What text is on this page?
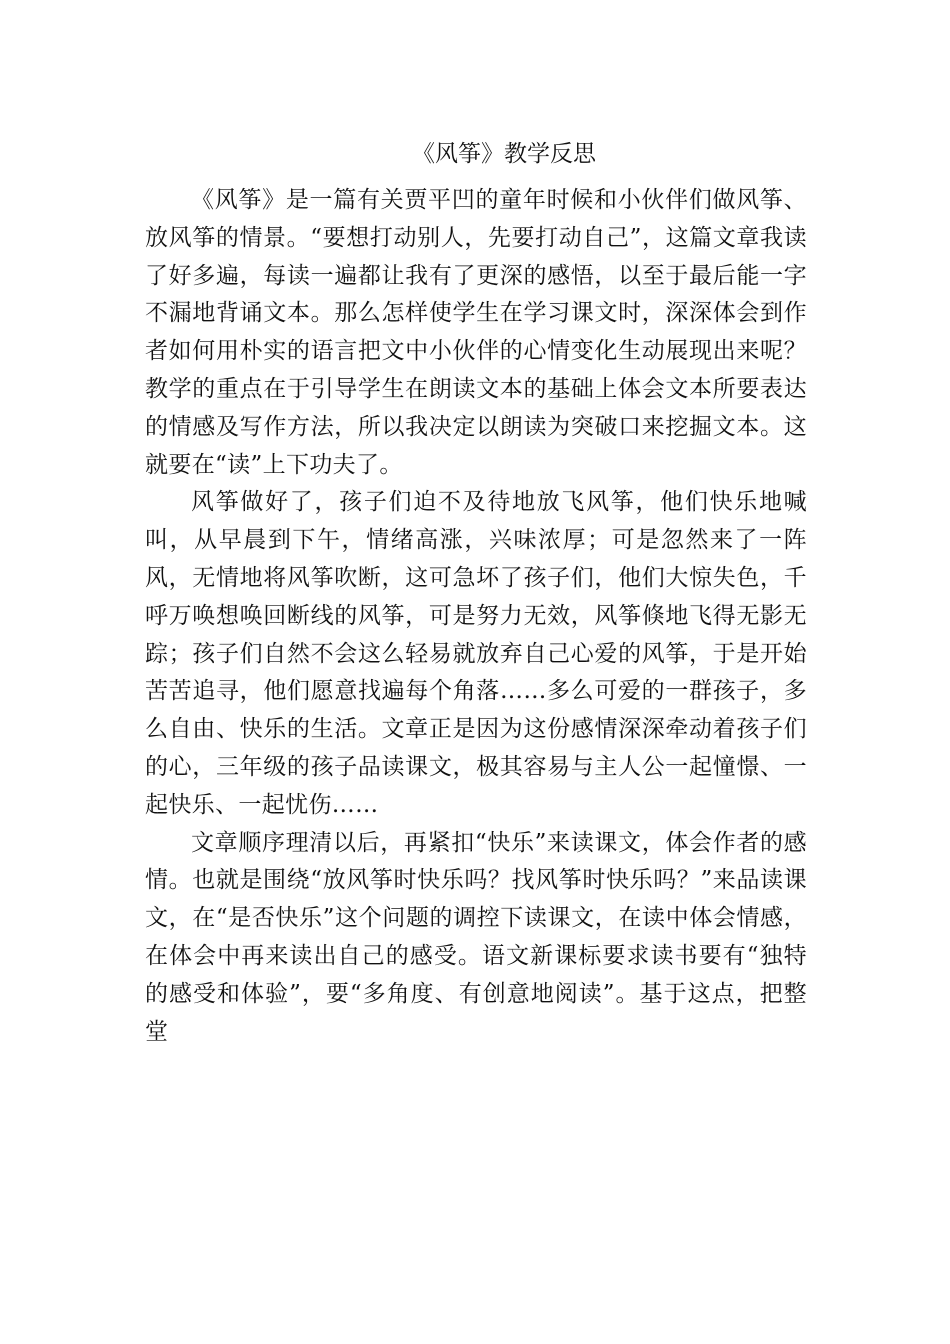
《风筝》教学反思

《风筝》是一篇有关贾平凹的童年时候和小伙伴们做风筝、放风筝的情景。“要想打动别人，先要打动自己”，这篇文章我读了好多遍，每读一遍都让我有了更深的感悟，以至于最后能一字不漏地背诵文本。那么怎样使学生在学习课文时，深深体会到作者如何用朴实的语言把文中小伙伴的心情变化生动展现出来呢？教学的重点在于引导学生在朗读文本的基础上体会文本所要表达的情感及写作方法，所以我决定以朗读为突破口来挖掘文本。这就要在“读”上下功夫了。

风筝做好了，孩子们迫不及待地放飞风筝，他们快乐地喊叫，从早晨到下午，情绪高涨，兴味浓厚；可是忽然来了一阵风，无情地将风筝吹断，这可急坏了孩子们，他们大惊失色，千呼万唤想唤回断线的风筝，可是努力无效，风筝倏地飞得无影无踪；孩子们自然不会这么轻易就放弃自己心爱的风筝，于是开始苦苦追寻，他们愿意找遍每个角落……多么可爱的一群孩子，多么自由、快乐的生活。文章正是因为这份感情深深牵动着孩子们的心，三年级的孩子品读课文，极其容易与主人公一起憧憬、一起快乐、一起忧伤……

文章顺序理清以后，再紧扣“快乐”来读课文，体会作者的感情。也就是围绕“放风筝时快乐吗？找风筝时快乐吗？”来品读课文，在“是否快乐”这个问题的调控下读课文，在读中体会情感，在体会中再来读出自己的感受。语文新课标要求读书要有“独特的感受和体验”，要“多角度、有创意地阅读”。基于这点，把整堂
